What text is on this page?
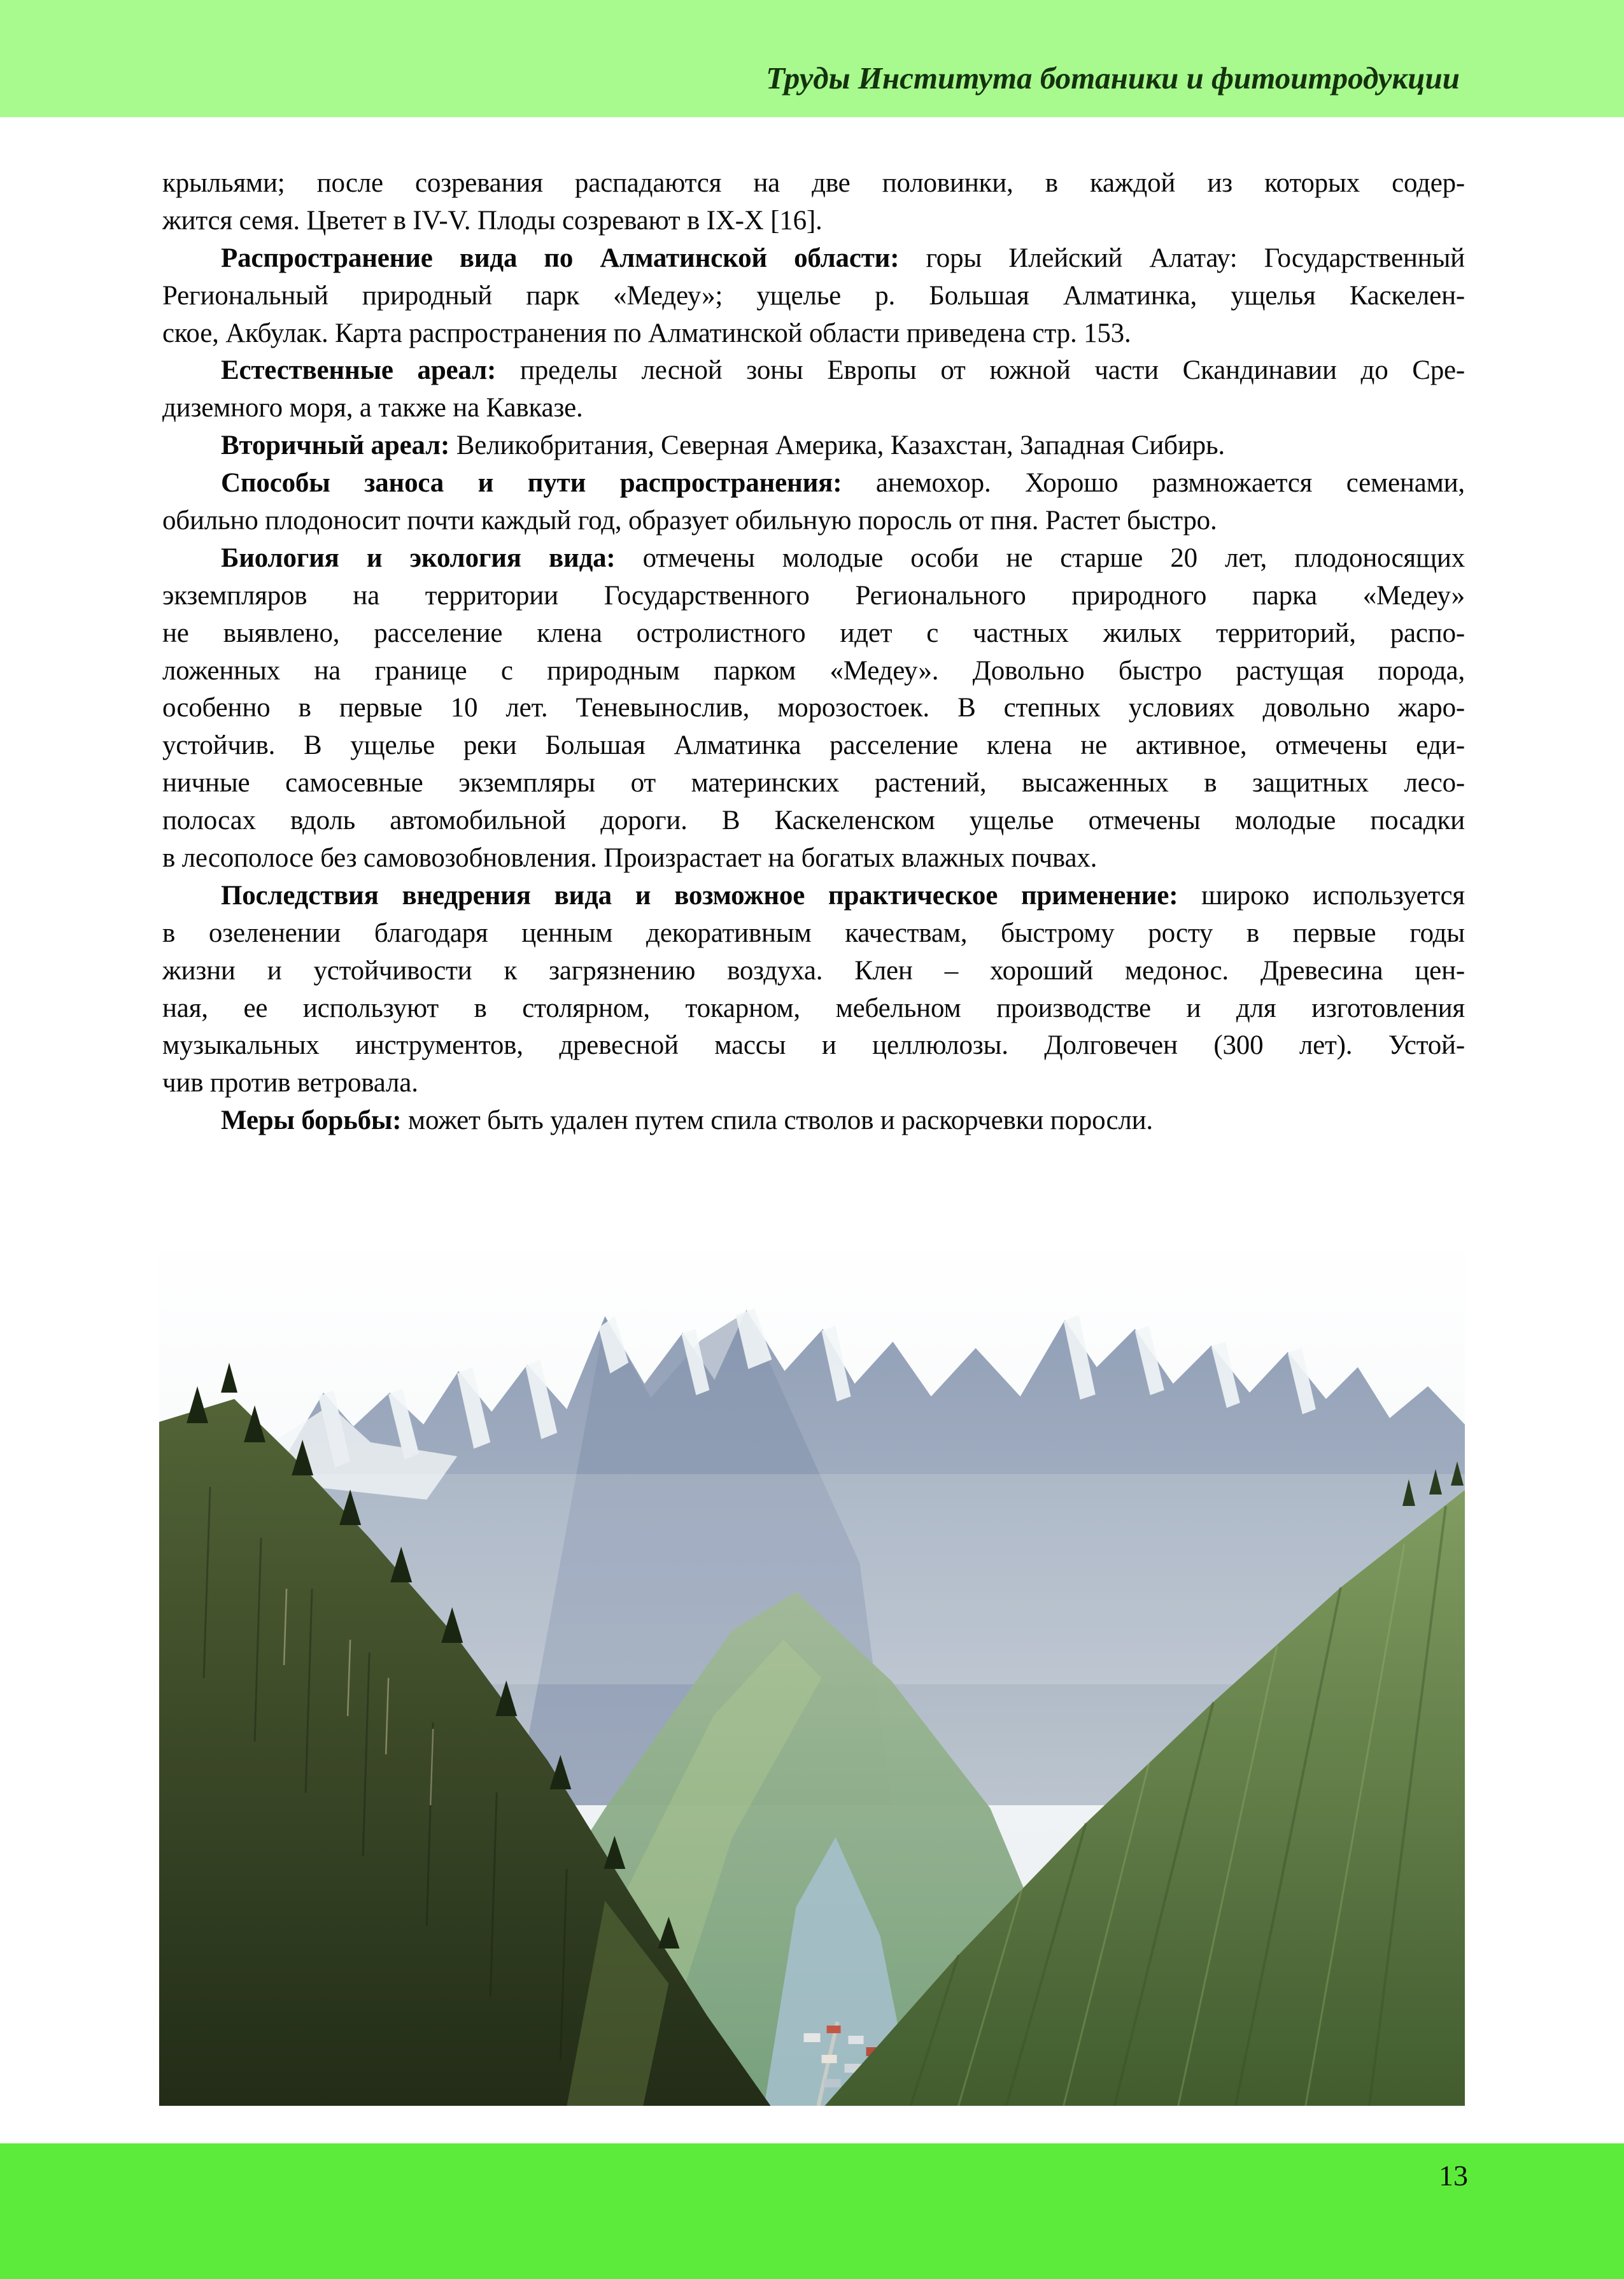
Труды Института ботаники и фитоитродукции
крыльями; после созревания распадаются на две половинки, в каждой из которых содер-
жится семя. Цветет в IV-V. Плоды созревают в IX-X [16].
Распространение вида по Алматинской области: горы Илейский Алатау: Государственный
Региональный природный парк «Медеу»; ущелье р. Большая Алматинка, ущелья Каскелен-
ское, Акбулак. Карта распространения по Алматинской области приведена стр. 153.
Естественные ареал: пределы лесной зоны Европы от южной части Скандинавии до Сре-
диземного моря, а также на Кавказе.
Вторичный ареал: Великобритания, Северная Америка, Казахстан, Западная Сибирь.
Способы заноса и пути распространения: анемохор. Хорошо размножается семенами,
обильно плодоносит почти каждый год, образует обильную поросль от пня. Растет быстро.
Биология и экология вида: отмечены молодые особи не старше 20 лет, плодоносящих
экземпляров на территории Государственного Регионального природного парка «Медеу»
не выявлено, расселение клена остролистного идет с частных жилых территорий, распо-
ложенных на границе с природным парком «Медеу». Довольно быстро растущая порода,
особенно в первые 10 лет. Теневынослив, морозостоек. В степных условиях довольно жаро-
устойчив. В ущелье реки Большая Алматинка расселение клена не активное, отмечены еди-
ничные самосевные экземпляры от материнских растений, высаженных в защитных лесо-
полосах вдоль автомобильной дороги. В Каскеленском ущелье отмечены молодые посадки
в лесополосе без самовозобновления. Произрастает на богатых влажных почвах.
Последствия внедрения вида и возможное практическое применение: широко используется
в озеленении благодаря ценным декоративным качествам, быстрому росту в первые годы
жизни и устойчивости к загрязнению воздуха. Клен – хороший медонос. Древесина цен-
ная, ее используют в столярном, токарном, мебельном производстве и для изготовления
музыкальных инструментов, древесной массы и целлюлозы. Долговечен (300 лет). Устой-
чив против ветровала.
Меры борьбы: может быть удален путем спила стволов и раскорчевки поросли.
13
